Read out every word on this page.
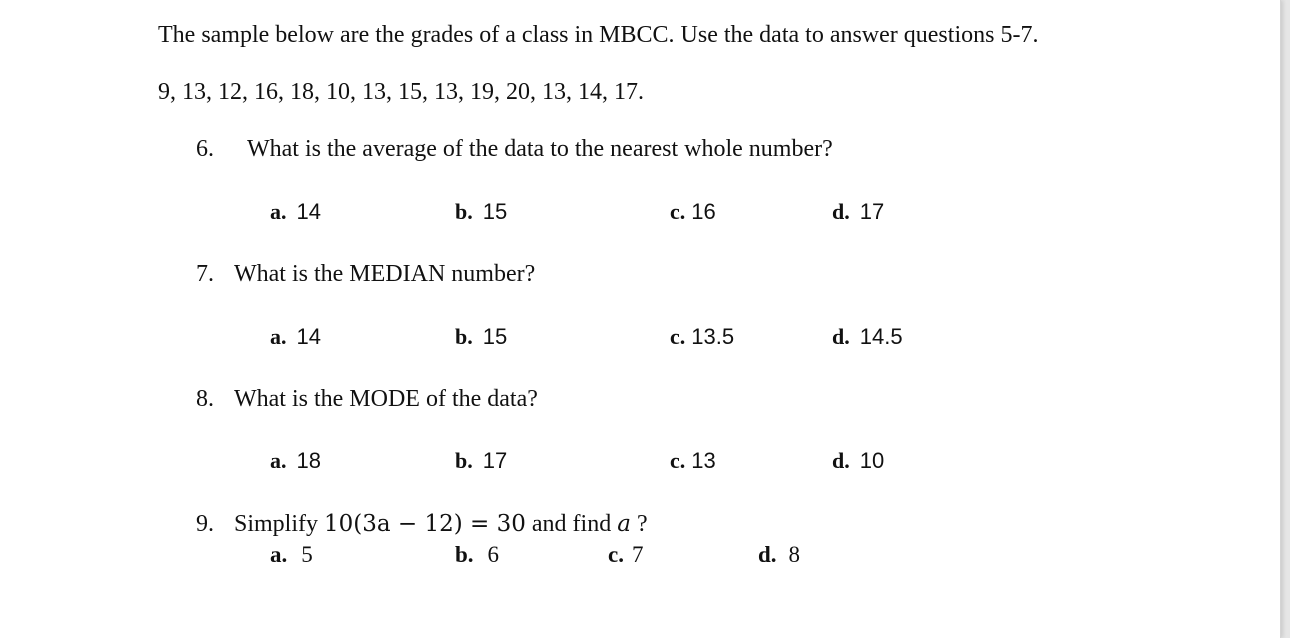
The sample below are the grades of a class in MBCC. Use the data to answer questions 5-7.
9, 13, 12, 16, 18, 10, 13, 15, 13, 19, 20, 13, 14, 17.
6. What is the average of the data to the nearest whole number?
a. 14	b. 15	c. 16	d. 17
7. What is the MEDIAN number?
a. 14	b. 15	c. 13.5	d. 14.5
8. What is the MODE of the data?
a. 18	b. 17	c. 13	d. 10
9. Simplify 10(3a − 12) = 30 and find a ?
a. 5	b. 6	c. 7	d. 8
